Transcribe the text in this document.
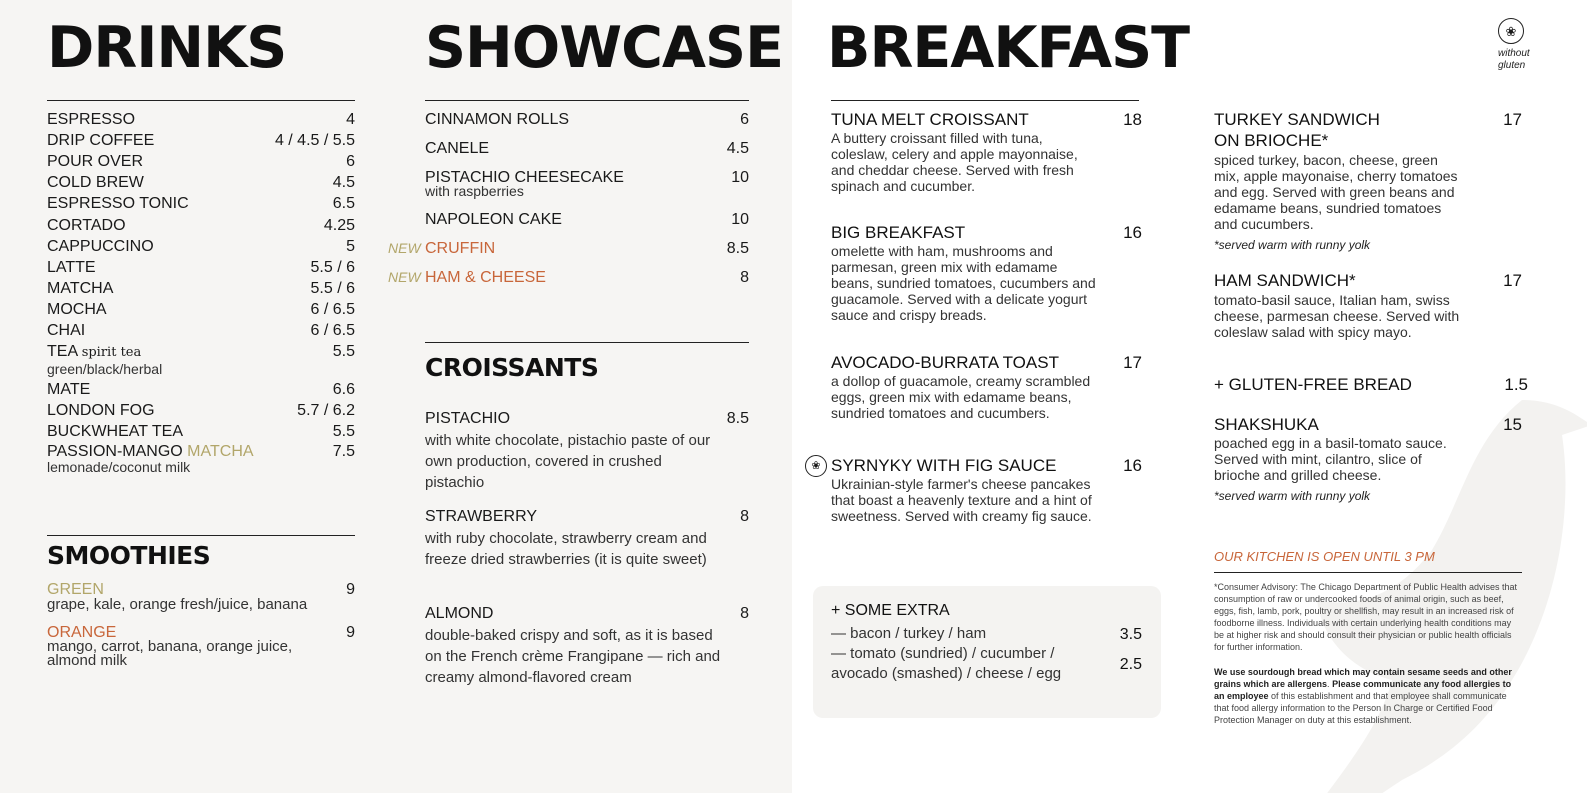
DRINKS
ESPRESSO	4
DRIP COFFEE	4 / 4.5 / 5.5
POUR OVER	6
COLD BREW	4.5
ESPRESSO TONIC	6.5
CORTADO	4.25
CAPPUCCINO	5
LATTE	5.5 / 6
MATCHA	5.5 / 6
MOCHA	6 / 6.5
CHAI	6 / 6.5
TEA spirit tea	5.5
green/black/herbal
MATE	6.6
LONDON FOG	5.7 / 6.2
BUCKWHEAT TEA	5.5
PASSION-MANGO MATCHA	7.5
lemonade/coconut milk
SMOOTHIES
GREEN	9
grape, kale, orange fresh/juice, banana
ORANGE	9
mango, carrot, banana, orange juice, almond milk
SHOWCASE
CINNAMON ROLLS	6
CANELE	4.5
PISTACHIO CHEESECAKE	10
with raspberries
NAPOLEON CAKE	10
NEW CRUFFIN	8.5
NEW HAM & CHEESE	8
CROISSANTS
PISTACHIO	8.5
with white chocolate, pistachio paste of our own production, covered in crushed pistachio
STRAWBERRY	8
with ruby chocolate, strawberry cream and freeze dried strawberries (it is quite sweet)
ALMOND	8
double-baked crispy and soft, as it is based on the French crème Frangipane — rich and creamy almond-flavored cream
BREAKFAST	❀
without gluten
TUNA MELT CROISSANT	18
A buttery croissant filled with tuna, coleslaw, celery and apple mayonnaise, and cheddar cheese. Served with fresh spinach and cucumber.
BIG BREAKFAST	16
omelette with ham, mushrooms and parmesan, green mix with edamame beans, sundried tomatoes, cucumbers and guacamole. Served with a delicate yogurt sauce and crispy breads.
AVOCADO-BURRATA TOAST	17
a dollop of guacamole, creamy scrambled eggs, green mix with edamame beans, sundried tomatoes and cucumbers.
❀ SYRNYKY WITH FIG SAUCE	16
Ukrainian-style farmer's cheese pancakes that boast a heavenly texture and a hint of sweetness. Served with creamy fig sauce.
+ SOME EXTRA
— bacon / turkey / ham	3.5
— tomato (sundried) / cucumber / avocado (smashed) / cheese / egg
2.5
TURKEY SANDWICH ON BRIOCHE*
17
spiced turkey, bacon, cheese, green mix, apple mayonaise, cherry tomatoes and egg. Served with green beans and edamame beans, sundried tomatoes and cucumbers.
*served warm with runny yolk
HAM SANDWICH*	17
tomato-basil sauce, Italian ham, swiss cheese, parmesan cheese. Served with coleslaw salad with spicy mayo.
+ GLUTEN-FREE BREAD	1.5
SHAKSHUKA	15
poached egg in a basil-tomato sauce. Served with mint, cilantro, slice of brioche and grilled cheese.
*served warm with runny yolk
OUR KITCHEN IS OPEN UNTIL 3 PM
*Consumer Advisory: The Chicago Department of Public Health advises that consumption of raw or undercooked foods of animal origin, such as beef, eggs, fish, lamb, pork, poultry or shellfish, may result in an increased risk of foodborne illness. Individuals with certain underlying health conditions may be at higher risk and should consult their physician or public health officials for further information.
We use sourdough bread which may contain sesame seeds and other grains which are allergens. Please communicate any food allergies to an employee of this establishment and that employee shall communicate that food allergy information to the Person In Charge or Certified Food Protection Manager on duty at this establishment.
